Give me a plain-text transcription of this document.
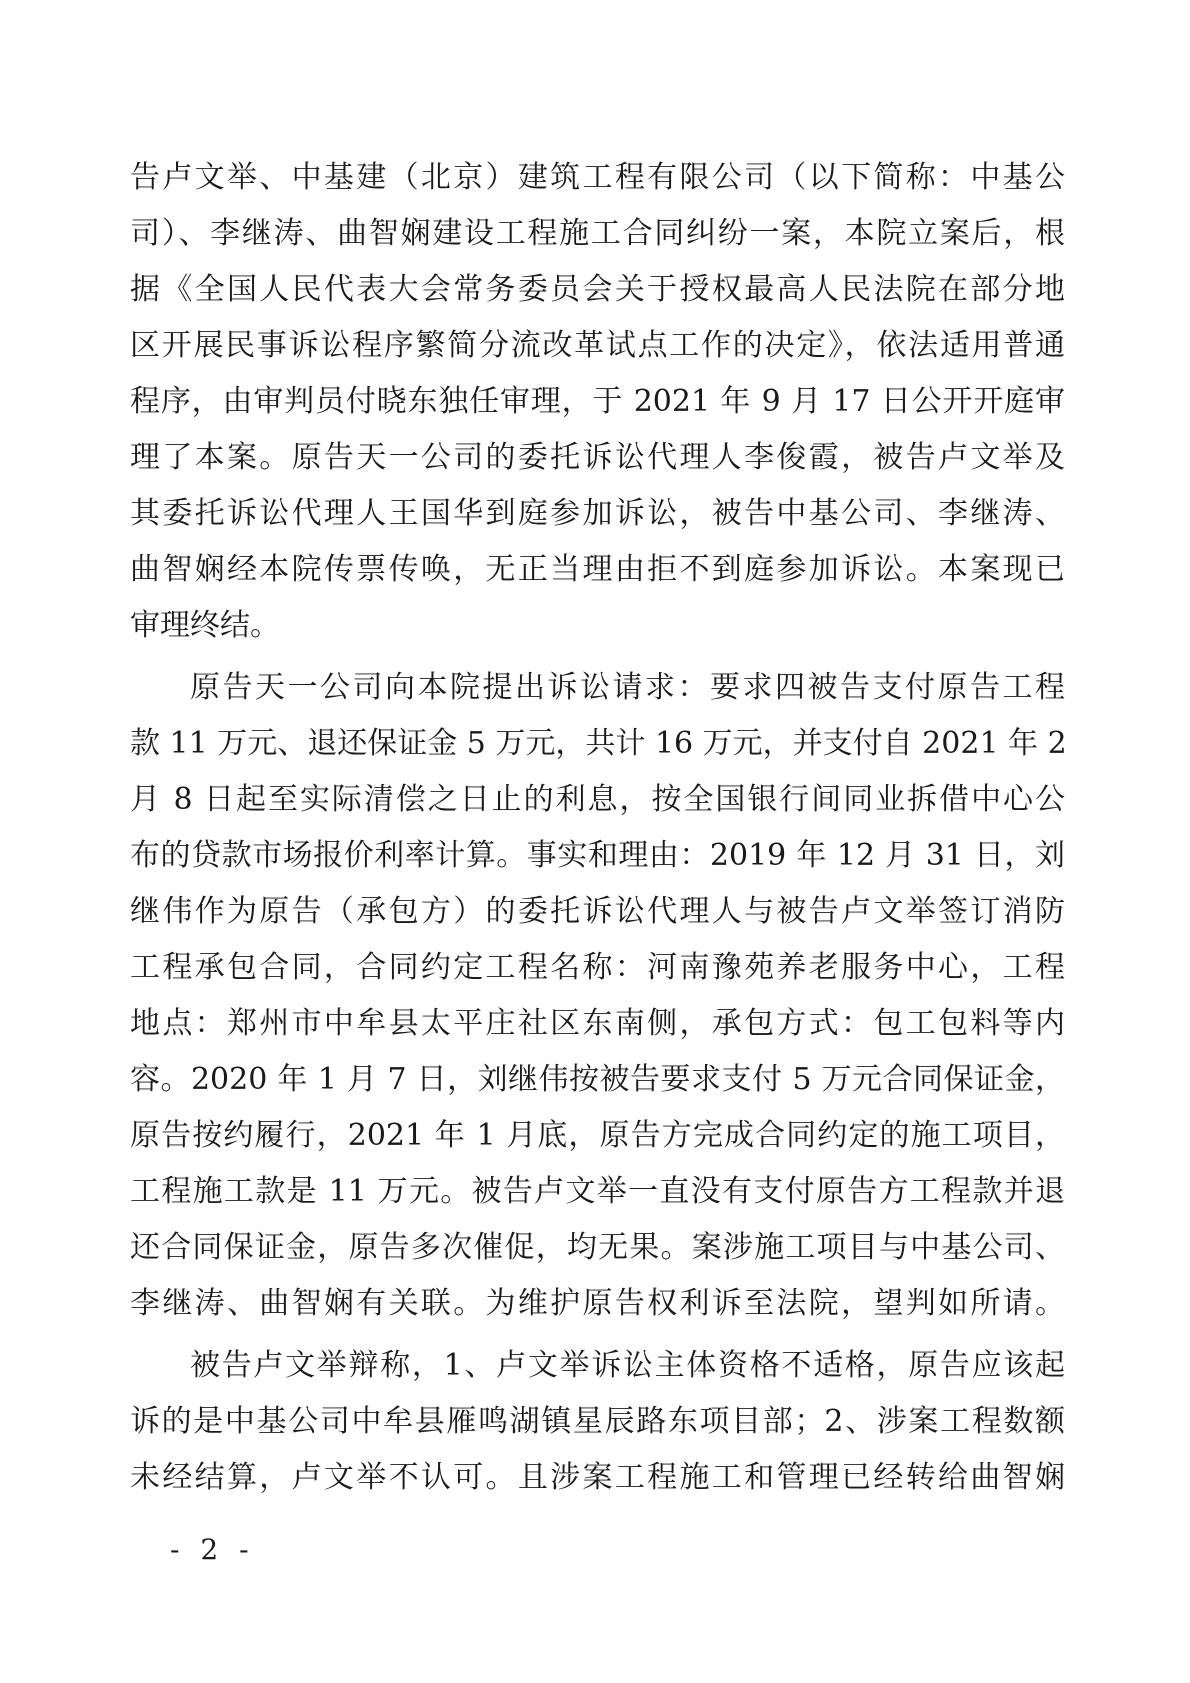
告卢文举、中基建（北京）建筑工程有限公司（以下简称：中基公
司）、李继涛、曲智娴建设工程施工合同纠纷一案，本院立案后，根
据《全国人民代表大会常务委员会关于授权最高人民法院在部分地
区开展民事诉讼程序繁简分流改革试点工作的决定》，依法适用普通
程序，由审判员付晓东独任审理，于 2021 年 9 月 17 日公开开庭审
理了本案。原告天一公司的委托诉讼代理人李俊霞，被告卢文举及
其委托诉讼代理人王国华到庭参加诉讼，被告中基公司、李继涛、
曲智娴经本院传票传唤，无正当理由拒不到庭参加诉讼。本案现已
审理终结。
原告天一公司向本院提出诉讼请求：要求四被告支付原告工程
款 11 万元、退还保证金 5 万元，共计 16 万元，并支付自 2021 年 2
月 8 日起至实际清偿之日止的利息，按全国银行间同业拆借中心公
布的贷款市场报价利率计算。事实和理由：2019 年 12 月 31 日，刘
继伟作为原告（承包方）的委托诉讼代理人与被告卢文举签订消防
工程承包合同，合同约定工程名称：河南豫苑养老服务中心，工程
地点：郑州市中牟县太平庄社区东南侧，承包方式：包工包料等内
容。2020 年 1 月 7 日，刘继伟按被告要求支付 5 万元合同保证金，
原告按约履行，2021 年 1 月底，原告方完成合同约定的施工项目，
工程施工款是 11 万元。被告卢文举一直没有支付原告方工程款并退
还合同保证金，原告多次催促，均无果。案涉施工项目与中基公司、
李继涛、曲智娴有关联。为维护原告权利诉至法院，望判如所请。
被告卢文举辩称，1、卢文举诉讼主体资格不适格，原告应该起
诉的是中基公司中牟县雁鸣湖镇星辰路东项目部；2、涉案工程数额
未经结算，卢文举不认可。且涉案工程施工和管理已经转给曲智娴
- 2 -
